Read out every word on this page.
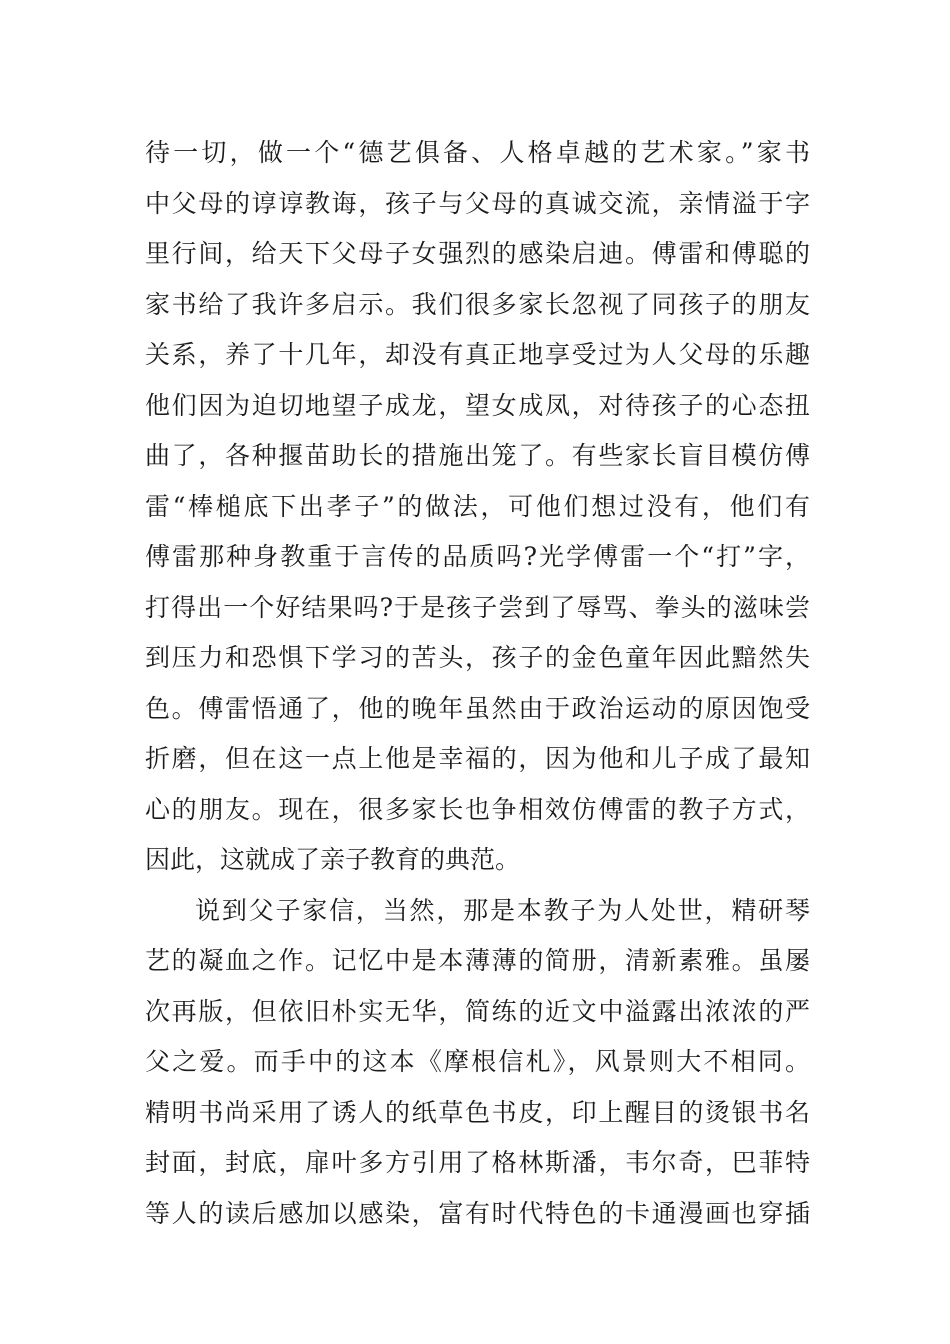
待一切，做一个“德艺俱备、人格卓越的艺术家。”家书
中父母的谆谆教诲，孩子与父母的真诚交流，亲情溢于字
里行间，给天下父母子女强烈的感染启迪。傅雷和傅聪的
家书给了我许多启示。我们很多家长忽视了同孩子的朋友
关系，养了十几年，却没有真正地享受过为人父母的乐趣
他们因为迫切地望子成龙，望女成凤，对待孩子的心态扭
曲了，各种揠苗助长的措施出笼了。有些家长盲目模仿傅
雷“棒槌底下出孝子”的做法，可他们想过没有，他们有
傅雷那种身教重于言传的品质吗?光学傅雷一个“打”字，
打得出一个好结果吗?于是孩子尝到了辱骂、拳头的滋味尝
到压力和恐惧下学习的苦头，孩子的金色童年因此黯然失
色。傅雷悟通了，他的晚年虽然由于政治运动的原因饱受
折磨，但在这一点上他是幸福的，因为他和儿子成了最知
心的朋友。现在，很多家长也争相效仿傅雷的教子方式，
因此，这就成了亲子教育的典范。
说到父子家信，当然，那是本教子为人处世，精研琴
艺的凝血之作。记忆中是本薄薄的简册，清新素雅。虽屡
次再版，但依旧朴实无华，简练的近文中溢露出浓浓的严
父之爱。而手中的这本《摩根信札》，风景则大不相同。
精明书尚采用了诱人的纸草色书皮，印上醒目的烫银书名
封面，封底，扉叶多方引用了格林斯潘，韦尔奇，巴菲特
等人的读后感加以感染，富有时代特色的卡通漫画也穿插
